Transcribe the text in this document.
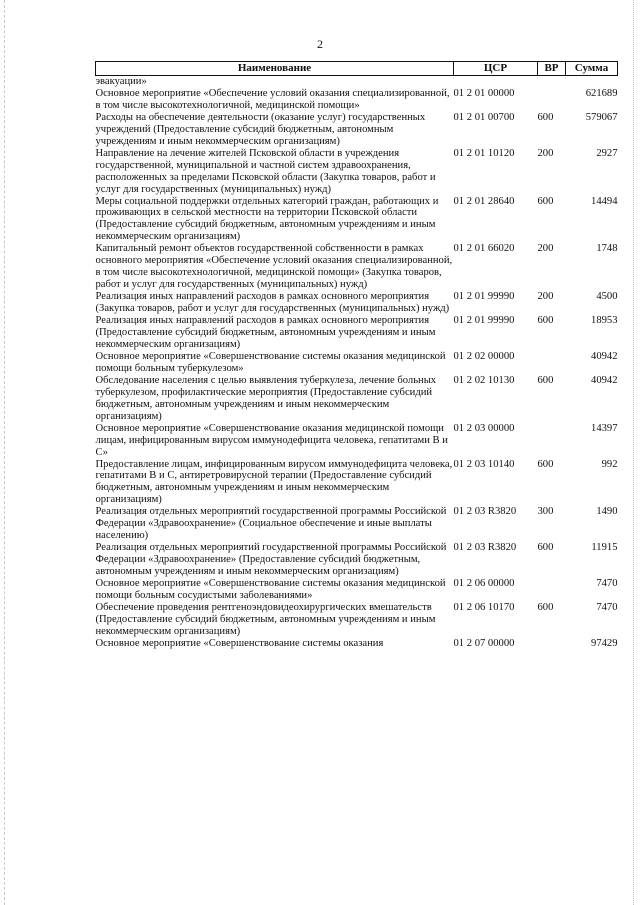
2
Наименование	ЦСР	ВР	Сумма
эвакуации»			
Основное мероприятие «Обеспечение условий оказания специализированной, в том числе высокотехнологичной, медицинской помощи»	01 2 01 00000		621689
Расходы на обеспечение деятельности (оказание услуг) государственных учреждений (Предоставление субсидий бюджетным, автономным учреждениям и иным некоммерческим организациям)	01 2 01 00700	600	579067
Направление на лечение жителей Псковской области в учреждения государственной, муниципальной и частной систем здравоохранения, расположенных за пределами Псковской области (Закупка товаров, работ и услуг для государственных (муниципальных) нужд)	01 2 01 10120	200	2927
Меры социальной поддержки отдельных категорий граждан, работающих и проживающих в сельской местности на территории Псковской области (Предоставление субсидий бюджетным, автономным учреждениям и иным некоммерческим организациям)	01 2 01 28640	600	14494
Капитальный ремонт объектов государственной собственности в рамках основного мероприятия «Обеспечение условий оказания специализированной, в том числе высокотехнологичной, медицинской помощи» (Закупка товаров, работ и услуг для государственных (муниципальных) нужд)	01 2 01 66020	200	1748
Реализация иных направлений расходов в рамках основного мероприятия (Закупка товаров, работ и услуг для государственных (муниципальных) нужд)	01 2 01 99990	200	4500
Реализация иных направлений расходов в рамках основного мероприятия (Предоставление субсидий бюджетным, автономным учреждениям и иным некоммерческим организациям)	01 2 01 99990	600	18953
Основное мероприятие «Совершенствование системы оказания медицинской помощи больным туберкулезом»	01 2 02 00000		40942
Обследование населения с целью выявления туберкулеза, лечение больных туберкулезом, профилактические мероприятия (Предоставление субсидий бюджетным, автономным учреждениям и иным некоммерческим организациям)	01 2 02 10130	600	40942
Основное мероприятие «Совершенствование оказания медицинской помощи лицам, инфицированным вирусом иммунодефицита человека, гепатитами В и С»	01 2 03 00000		14397
Предоставление лицам, инфицированным вирусом иммунодефицита человека, гепатитами В и С, антиретровирусной терапии (Предоставление субсидий бюджетным, автономным учреждениям и иным некоммерческим организациям)	01 2 03 10140	600	992
Реализация отдельных мероприятий государственной программы Российской Федерации «Здравоохранение» (Социальное обеспечение и иные выплаты населению)	01 2 03 R3820	300	1490
Реализация отдельных мероприятий государственной программы Российской Федерации «Здравоохранение» (Предоставление субсидий бюджетным, автономным учреждениям и иным некоммерческим организациям)	01 2 03 R3820	600	11915
Основное мероприятие «Совершенствование системы оказания медицинской помощи больным сосудистыми заболеваниями»	01 2 06 00000		7470
Обеспечение проведения рентгеноэндовидеохирургических вмешательств (Предоставление субсидий бюджетным, автономным учреждениям и иным некоммерческим организациям)	01 2 06 10170	600	7470
Основное мероприятие «Совершенствование системы оказания	01 2 07 00000		97429
